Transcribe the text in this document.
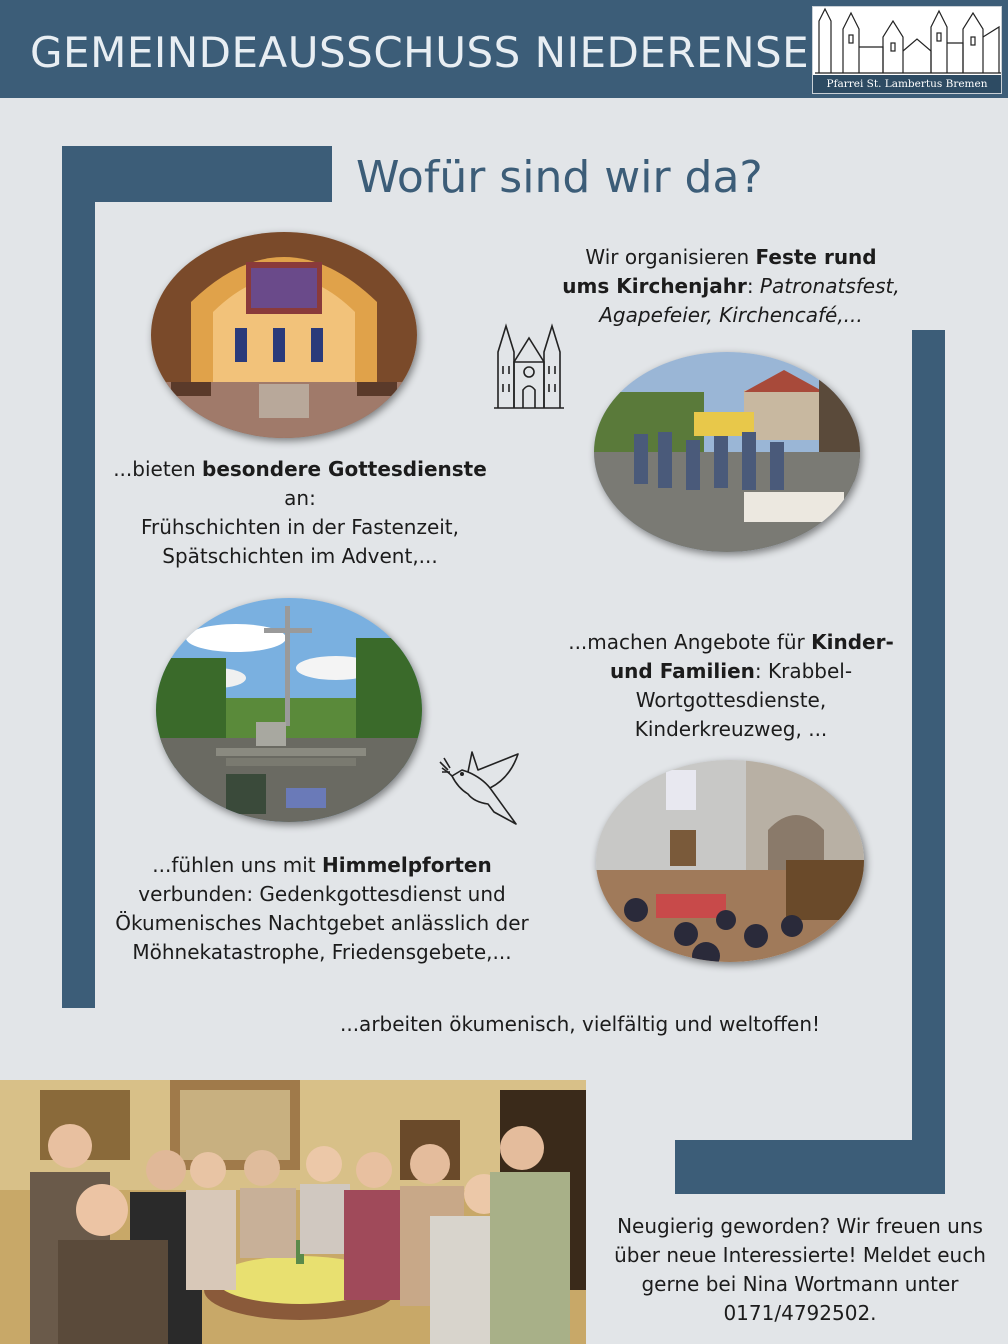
GEMEINDEAUSSCHUSS NIEDERENSE
Pfarrei St. Lambertus Bremen
Wofür sind wir da?
...bieten besondere Gottesdienste an:
Frühschichten in der Fastenzeit,
Spätschichten im Advent,...
Wir organisieren Feste rund
ums Kirchenjahr: Patronatsfest,
Agapefeier, Kirchencafé,...
...machen Angebote für Kinder-
und Familien: Krabbel-
Wortgottesdienste,
Kinderkreuzweg, ...
...fühlen uns mit Himmelpforten
verbunden: Gedenkgottesdienst und
Ökumenisches Nachtgebet anlässlich der
Möhnekatastrophe, Friedensgebete,...
...arbeiten ökumenisch, vielfältig und weltoffen!
Neugierig geworden? Wir freuen uns
über neue Interessierte! Meldet euch
gerne bei Nina Wortmann unter
0171/4792502.
